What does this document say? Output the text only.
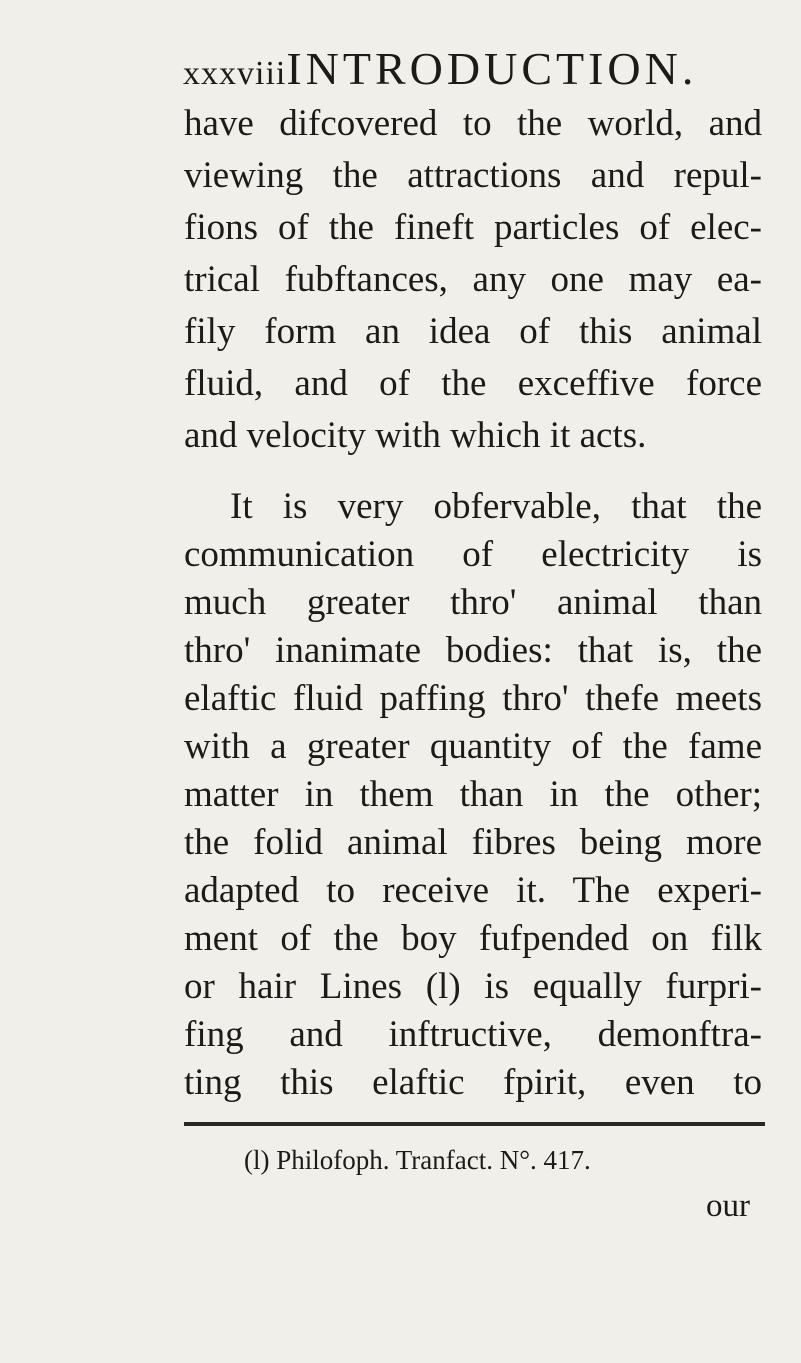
xxxviiiINTRODUCTION.
have difcovered to the world, and
viewing the attractions and repul-
fions of the fineft particles of elec-
trical fubftances, any one may ea-
fily form an idea of this animal
fluid, and of the exceffive force
and velocity with which it acts.
It is very obfervable, that the
communication of electricity is
much greater thro' animal than
thro' inanimate bodies: that is, the
elaftic fluid paffing thro' thefe meets
with a greater quantity of the fame
matter in them than in the other;
the folid animal fibres being more
adapted to receive it. The experi-
ment of the boy fufpended on filk
or hair Lines (l) is equally furpri-
fing and inftructive, demonftra-
ting this elaftic fpirit, even to
(l) Philofoph. Tranfact. N°. 417.
our
